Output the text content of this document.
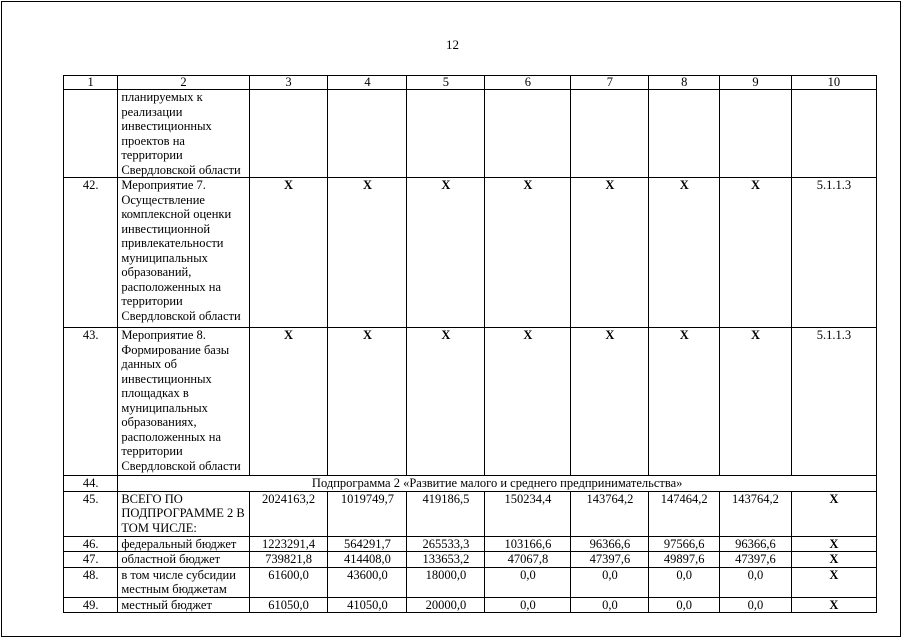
12
1	2	3	4	5	6	7	8	9	10
	планируемых к реализации инвестиционных проектов на территории Свердловской области								
42.	Мероприятие 7. Осуществление комплексной оценки инвестиционной привлекательности муниципальных образований, расположенных на территории Свердловской области	X	X	X	X	X	X	X	5.1.1.3
43.	Мероприятие 8. Формирование базы данных об инвестиционных площадках в муниципальных образованиях, расположенных на территории Свердловской области	X	X	X	X	X	X	X	5.1.1.3
44.	Подпрограмма 2 «Развитие малого и среднего предпринимательства»								
45.	ВСЕГО ПО ПОДПРОГРАММЕ 2 В ТОМ ЧИСЛЕ:	2024163,2	1019749,7	419186,5	150234,4	143764,2	147464,2	143764,2	X
46.	федеральный бюджет	1223291,4	564291,7	265533,3	103166,6	96366,6	97566,6	96366,6	X
47.	областной бюджет	739821,8	414408,0	133653,2	47067,8	47397,6	49897,6	47397,6	X
48.	в том числе субсидии местным бюджетам	61600,0	43600,0	18000,0	0,0	0,0	0,0	0,0	X
49.	местный бюджет	61050,0	41050,0	20000,0	0,0	0,0	0,0	0,0	X
